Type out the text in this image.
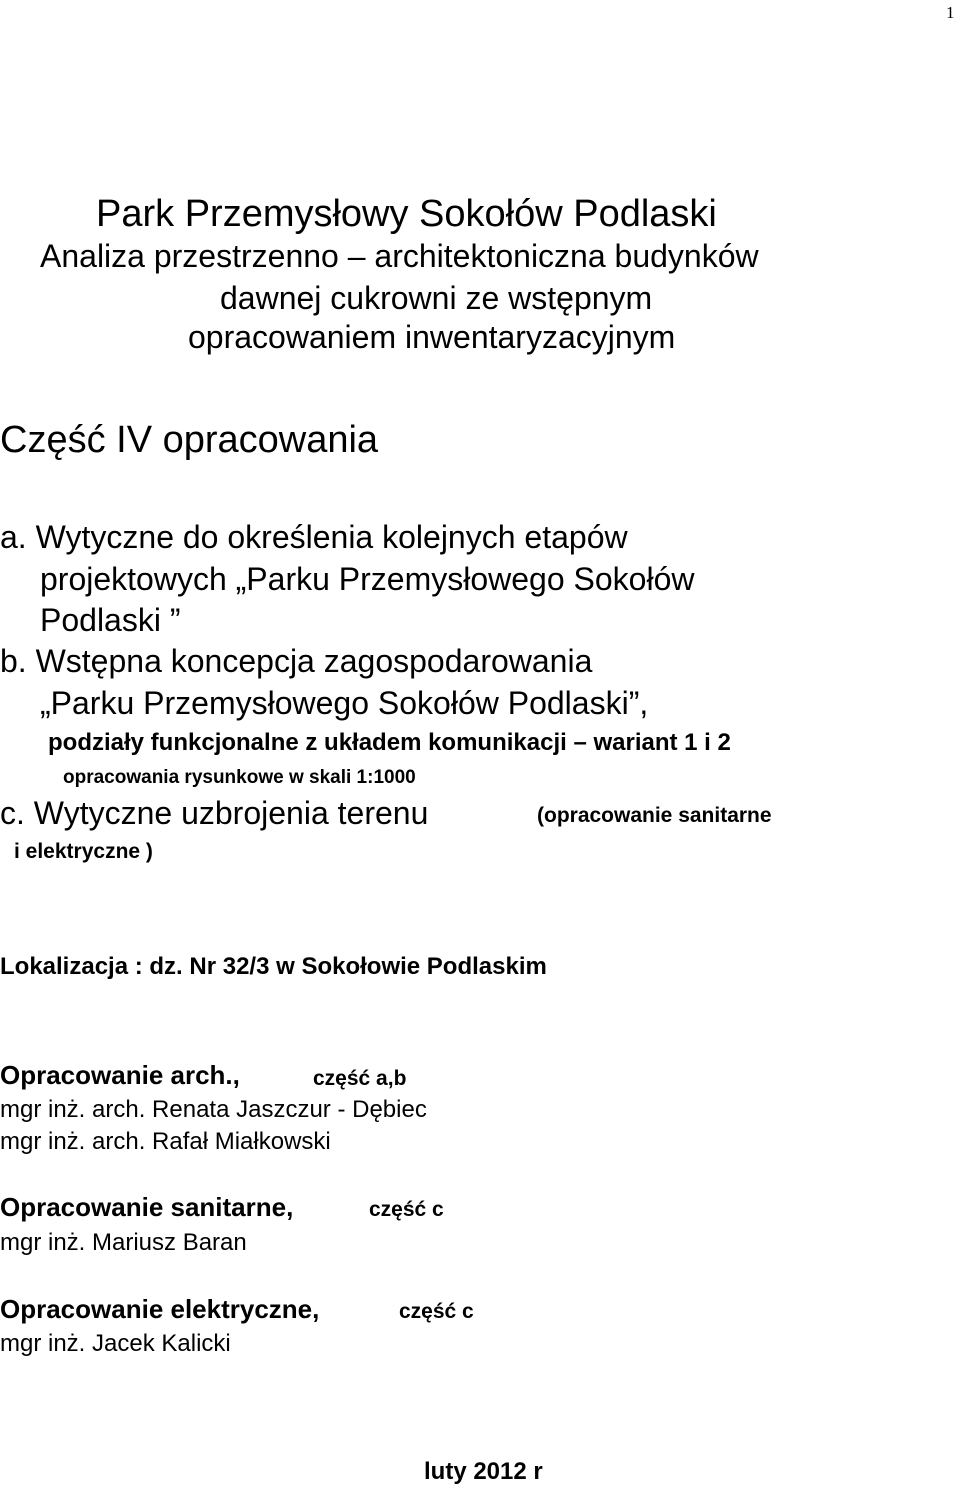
1
Park Przemysłowy Sokołów Podlaski
Analiza przestrzenno – architektoniczna budynków
dawnej cukrowni ze wstępnym
opracowaniem inwentaryzacyjnym
Część IV opracowania
a. Wytyczne do określenia kolejnych etapów
projektowych „Parku Przemysłowego Sokołów
Podlaski ”
b. Wstępna koncepcja zagospodarowania
„Parku Przemysłowego Sokołów Podlaski”,
podziały funkcjonalne z układem komunikacji – wariant 1 i 2
opracowania rysunkowe w skali 1:1000
c. Wytyczne uzbrojenia terenu	(opracowanie sanitarne
i elektryczne )
Lokalizacja : dz. Nr 32/3 w Sokołowie Podlaskim
Opracowanie arch.,	część a,b
mgr inż. arch. Renata Jaszczur - Dębiec
mgr inż. arch. Rafał Miałkowski
Opracowanie sanitarne,	część c
mgr inż. Mariusz Baran
Opracowanie elektryczne,	część c
mgr inż. Jacek Kalicki
luty 2012 r
